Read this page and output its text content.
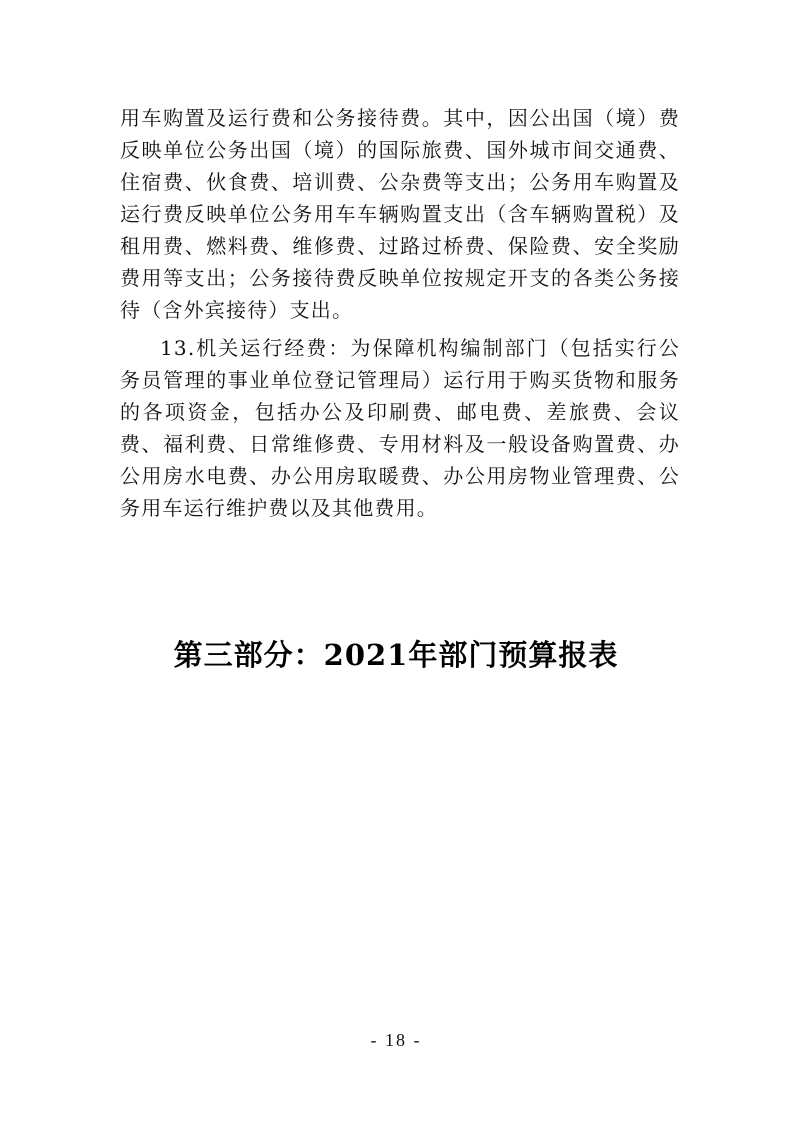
用车购置及运行费和公务接待费。其中，因公出国（境）费反映单位公务出国（境）的国际旅费、国外城市间交通费、住宿费、伙食费、培训费、公杂费等支出；公务用车购置及运行费反映单位公务用车车辆购置支出（含车辆购置税）及租用费、燃料费、维修费、过路过桥费、保险费、安全奖励费用等支出；公务接待费反映单位按规定开支的各类公务接待（含外宾接待）支出。

13.机关运行经费：为保障机构编制部门（包括实行公务员管理的事业单位登记管理局）运行用于购买货物和服务的各项资金，包括办公及印刷费、邮电费、差旅费、会议费、福利费、日常维修费、专用材料及一般设备购置费、办公用房水电费、办公用房取暖费、办公用房物业管理费、公务用车运行维护费以及其他费用。

第三部分：2021年部门预算报表
- 18 -
